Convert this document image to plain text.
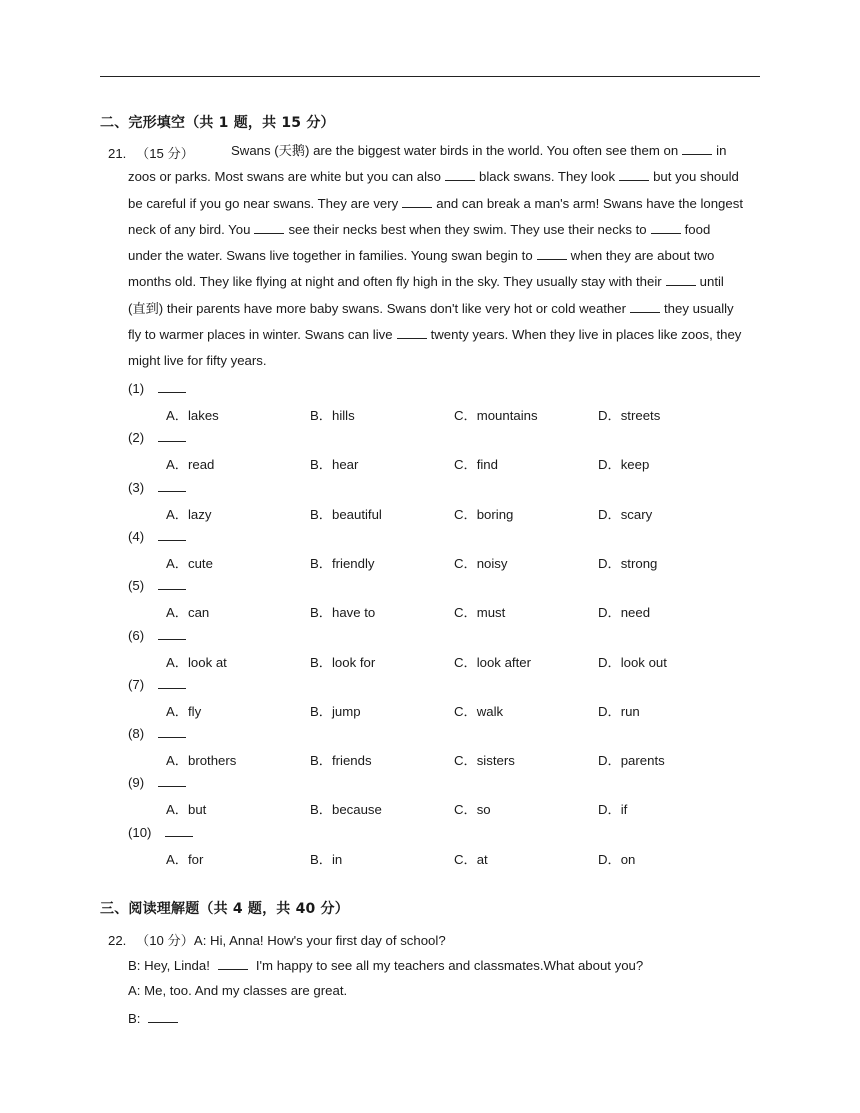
二、完形填空（共 1 题，共 15 分）
21. （15 分）	Swans (天鹅) are the biggest water birds in the world. You often see them on	in
zoos or parks. Most swans are white but you can also	black swans. They look	but you should
be careful if you go near swans. They are very	and can break a man's arm! Swans have the longest
neck of any bird. You	see their necks best when they swim. They use their necks to	food
under the water. Swans live together in families. Young swan begin to	when they are about two
months old. They like flying at night and often fly high in the sky. They usually stay with their	until
(直到) their parents have more baby swans. Swans don't like very hot or cold weather	they usually
fly to warmer places in winter. Swans can live	twenty years. When they live in places like zoos, they
might live for fifty years.
(1)
A．lakes	B．hills	C．mountains	D．streets
(2)
A．read	B．hear	C．find	D．keep
(3)
A．lazy	B．beautiful	C．boring	D．scary
(4)
A．cute	B．friendly	C．noisy	D．strong
(5)
A．can	B．have to	C．must	D．need
(6)
A．look at	B．look for	C．look after	D．look out
(7)
A．fly	B．jump	C．walk	D．run
(8)
A．brothers	B．friends	C．sisters	D．parents
(9)
A．but	B．because	C．so	D．if
(10)
A．for	B．in	C．at	D．on
三、阅读理解题（共 4 题，共 40 分）
22. （10 分）A: Hi, Anna! How's your first day of school?
B: Hey, Linda!	I'm happy to see all my teachers and classmates.What about you?
A: Me, too. And my classes are great.
B:
